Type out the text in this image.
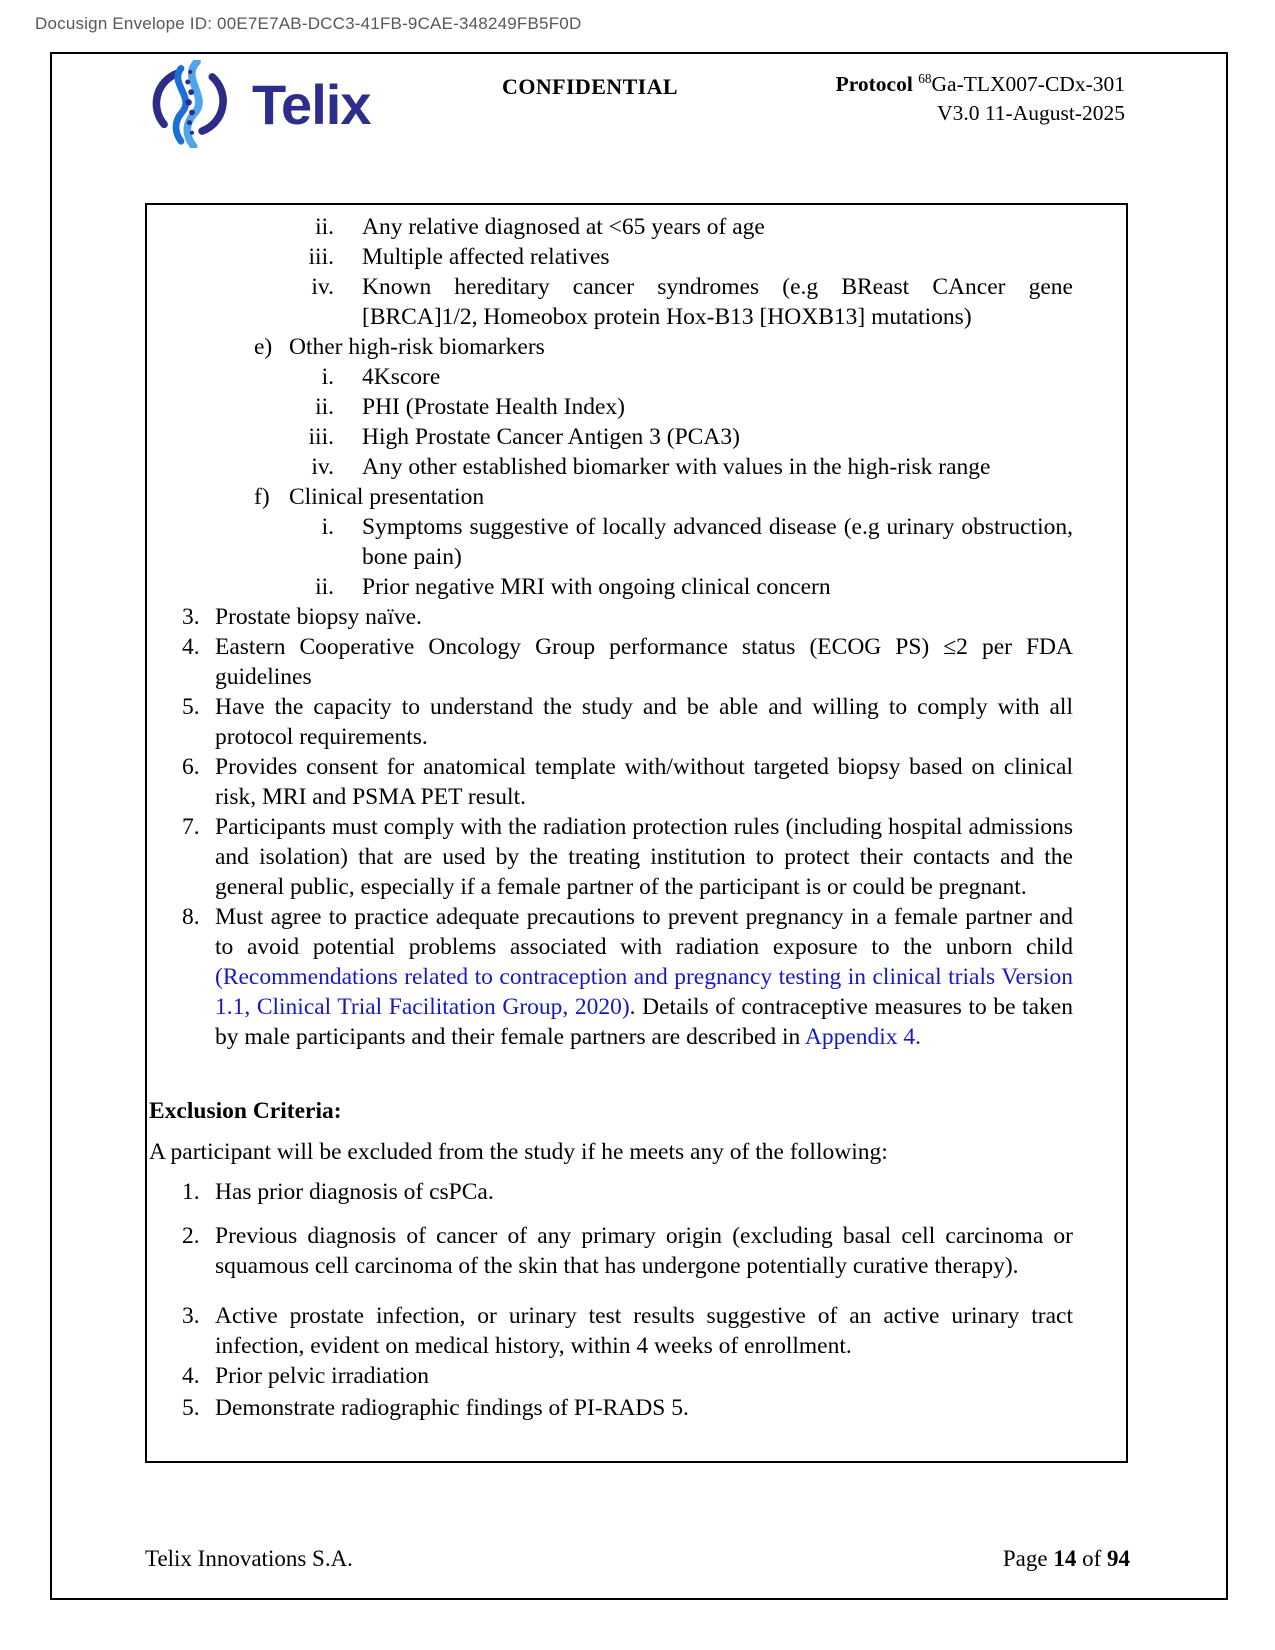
Docusign Envelope ID: 00E7E7AB-DCC3-41FB-9CAE-348249FB5F0D
Telix	CONFIDENTIAL	Protocol $^{68}$Ga-TLX007-CDx-301
V3.0 11-August-2025
ii. Any relative diagnosed at <65 years of age
iii. Multiple affected relatives
iv. Known hereditary cancer syndromes (e.g BReast CAncer gene [BRCA]1/2, Homeobox protein Hox-B13 [HOXB13] mutations)
e) Other high-risk biomarkers
i. 4Kscore
ii. PHI (Prostate Health Index)
iii. High Prostate Cancer Antigen 3 (PCA3)
iv. Any other established biomarker with values in the high-risk range
f) Clinical presentation
i. Symptoms suggestive of locally advanced disease (e.g urinary obstruction, bone pain)
ii. Prior negative MRI with ongoing clinical concern
3. Prostate biopsy naïve.
4. Eastern Cooperative Oncology Group performance status (ECOG PS) ≤2 per FDA guidelines
5. Have the capacity to understand the study and be able and willing to comply with all protocol requirements.
6. Provides consent for anatomical template with/without targeted biopsy based on clinical risk, MRI and PSMA PET result.
7. Participants must comply with the radiation protection rules (including hospital admissions and isolation) that are used by the treating institution to protect their contacts and the general public, especially if a female partner of the participant is or could be pregnant.
8. Must agree to practice adequate precautions to prevent pregnancy in a female partner and to avoid potential problems associated with radiation exposure to the unborn child (Recommendations related to contraception and pregnancy testing in clinical trials Version 1.1, Clinical Trial Facilitation Group, 2020). Details of contraceptive measures to be taken by male participants and their female partners are described in Appendix 4.
Exclusion Criteria:
A participant will be excluded from the study if he meets any of the following:
1. Has prior diagnosis of csPCa.
2. Previous diagnosis of cancer of any primary origin (excluding basal cell carcinoma or squamous cell carcinoma of the skin that has undergone potentially curative therapy).
3. Active prostate infection, or urinary test results suggestive of an active urinary tract infection, evident on medical history, within 4 weeks of enrollment.
4. Prior pelvic irradiation
5. Demonstrate radiographic findings of PI-RADS 5.
Telix Innovations S.A.	Page 14 of 94
